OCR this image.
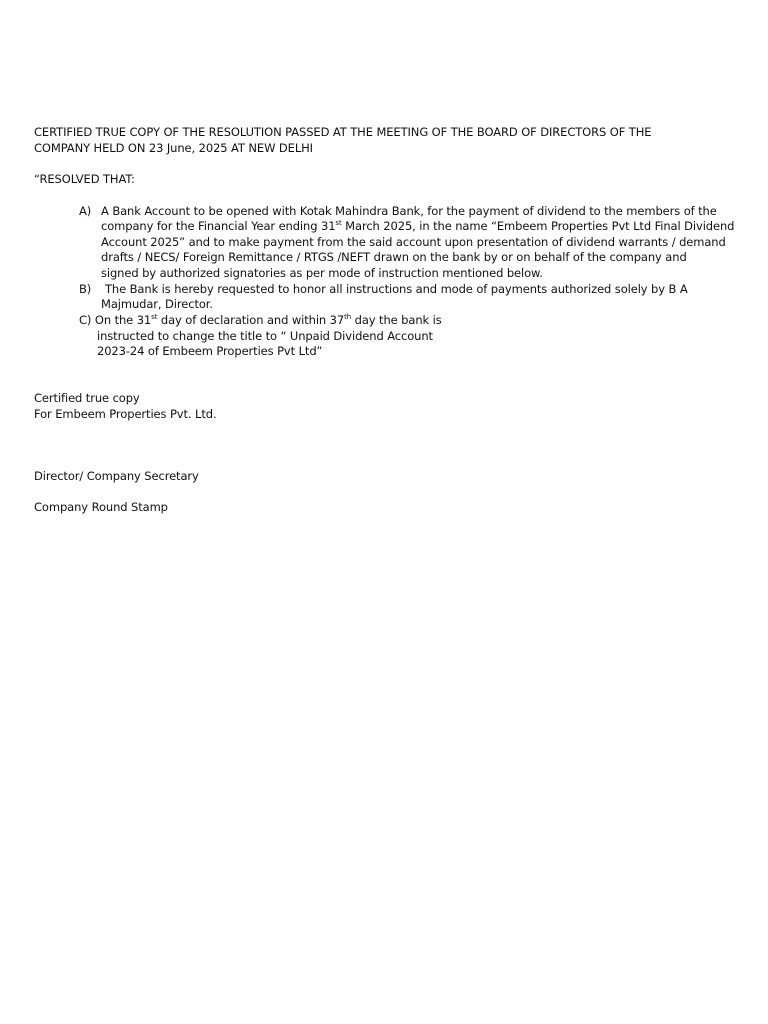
CERTIFIED TRUE COPY OF THE RESOLUTION PASSED AT THE MEETING OF THE BOARD OF DIRECTORS OF THE
COMPANY HELD ON 23 June, 2025 AT NEW DELHI
“RESOLVED THAT:
A) A Bank Account to be opened with Kotak Mahindra Bank, for the payment of dividend to the members of the
company for the Financial Year ending 31st March 2025, in the name “Embeem Properties Pvt Ltd Final Dividend
Account 2025” and to make payment from the said account upon presentation of dividend warrants / demand
drafts / NECS/ Foreign Remittance / RTGS /NEFT drawn on the bank by or on behalf of the company and
signed by authorized signatories as per mode of instruction mentioned below.
B) The Bank is hereby requested to honor all instructions and mode of payments authorized solely by B A
Majmudar, Director.
C) On the 31st day of declaration and within 37th day the bank is
instructed to change the title to “ Unpaid Dividend Account
2023-24 of Embeem Properties Pvt Ltd”
Certified true copy
For Embeem Properties Pvt. Ltd.
Director/ Company Secretary
Company Round Stamp
